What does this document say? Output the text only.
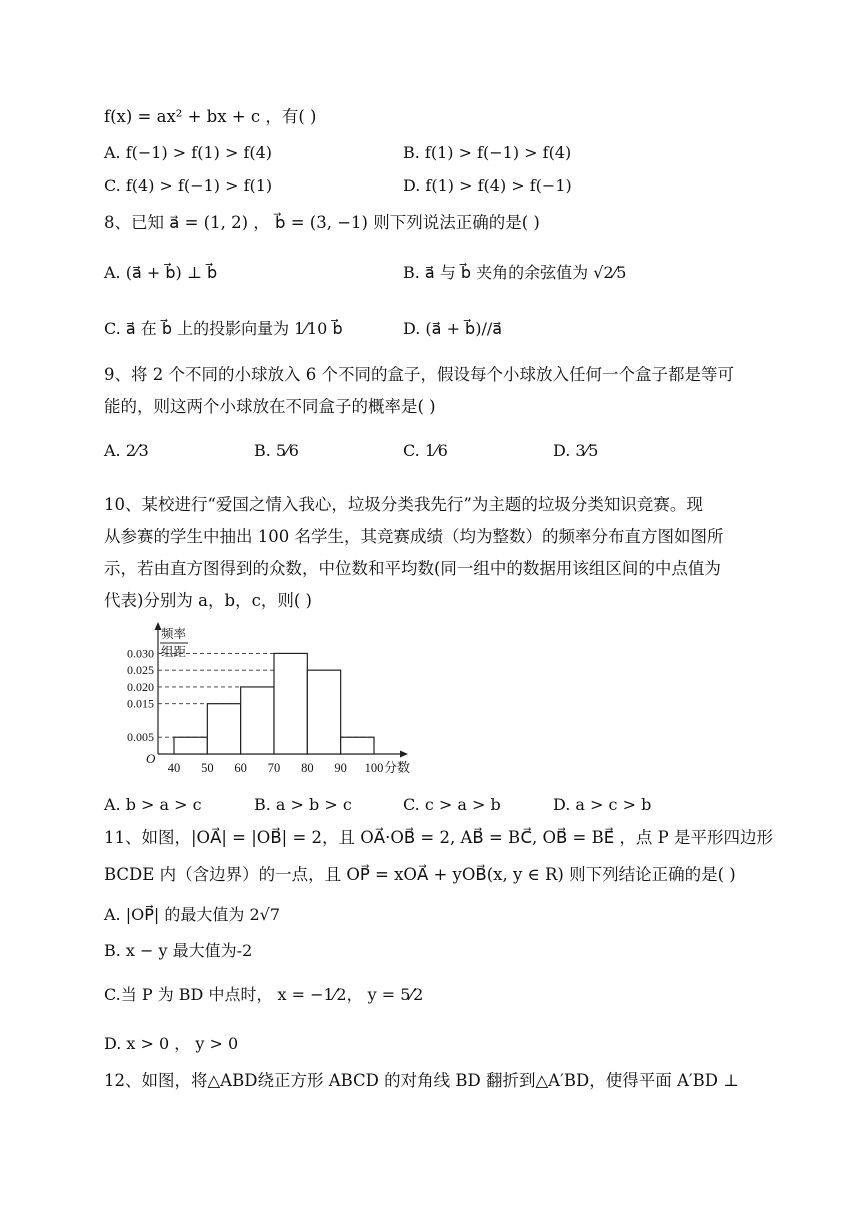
f(x) = ax² + bx + c ，有( )
A. f(−1) > f(1) > f(4)	B. f(1) > f(−1) > f(4)
C. f(4) > f(−1) > f(1)	D. f(1) > f(4) > f(−1)
8、已知 a⃗ = (1, 2) ， b⃗ = (3, −1) 则下列说法正确的是( )
A. (a⃗ + b⃗) ⊥ b⃗	B. a⃗ 与 b⃗ 夹角的余弦值为 √2⁄5
C. a⃗ 在 b⃗ 上的投影向量为 1⁄10 b⃗	D. (a⃗ + b⃗)//a⃗
9、将 2 个不同的小球放入 6 个不同的盒子，假设每个小球放入任何一个盒子都是等可
能的，则这两个小球放在不同盒子的概率是( )
A. 2⁄3	B. 5⁄6	C. 1⁄6	D. 3⁄5
10、某校进行“爱国之情入我心，垃圾分类我先行”为主题的垃圾分类知识竞赛。现
从参赛的学生中抽出 100 名学生，其竞赛成绩（均为整数）的频率分布直方图如图所
示，若由直方图得到的众数，中位数和平均数(同一组中的数据用该组区间的中点值为
代表)分别为 a，b，c，则( )
0.005
0.015
0.020
0.025
0.030
40 50 60 70 80 90 100 分数
O
频率
组距
A. b > a > c	B. a > b > c	C. c > a > b	D. a > c > b
11、如图，|OA⃗| = |OB⃗| = 2，且 OA⃗·OB⃗ = 2, AB⃗ = BC⃗, OB⃗ = BE⃗ ，点 P 是平形四边形
BCDE 内（含边界）的一点，且 OP⃗ = xOA⃗ + yOB⃗(x, y ∈ R) 则下列结论正确的是( )
A. |OP⃗| 的最大值为 2√7
B. x − y 最大值为-2
C.当 P 为 BD 中点时， x = −1⁄2， y = 5⁄2
D. x > 0 ， y > 0
12、如图，将△ABD绕正方形 ABCD 的对角线 BD 翻折到△A′BD，使得平面 A′BD ⊥
